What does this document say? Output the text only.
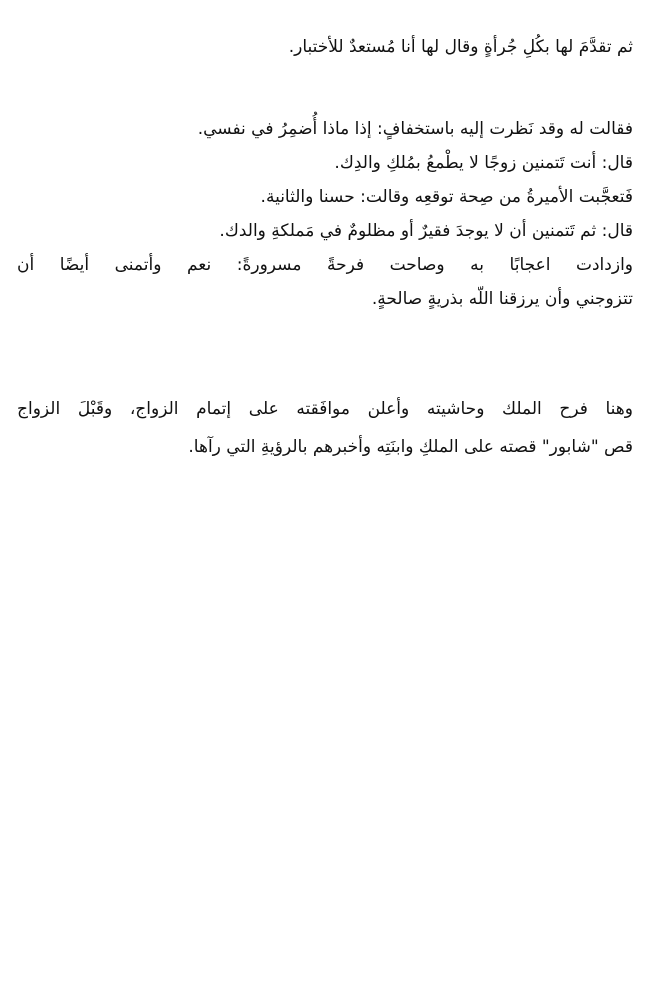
ثم تقدَّمَ لها بكُلِ جُرأةٍ وقال لها أنا مُستعدٌ للأختبار.
فقالت له وقد نَظرت إليه باستخفافٍ: إذا ماذا أُضمِرُ في نفسي.
قال: أنت تَتمنين زوجًا لا يطْمعُ بمُلكِ والدِك.
فَتعجَّبت الأميرةُ من صِحة توقعِه وقالت: حسنا والثانية.
قال: ثم تَتمنين أن لا يوجدَ فقيرٌ أو مظلومٌ في مَملكةِ والدك.
وازدادت اعجابًا به وصاحت فرحةً مسرورةً: نعم وأتمنى أيضًا أن
تتزوجني وأن يرزقنا اللّه بذريةٍ صالحةٍ.
وهنا فرح الملك وحاشيته وأعلن موافَقته على إتمام الزواج، وقَبْلَ الزواج
قص "شابور" قصته على الملكِ وابنَتِه وأخبرهم بالرؤيةِ التي رآها.
